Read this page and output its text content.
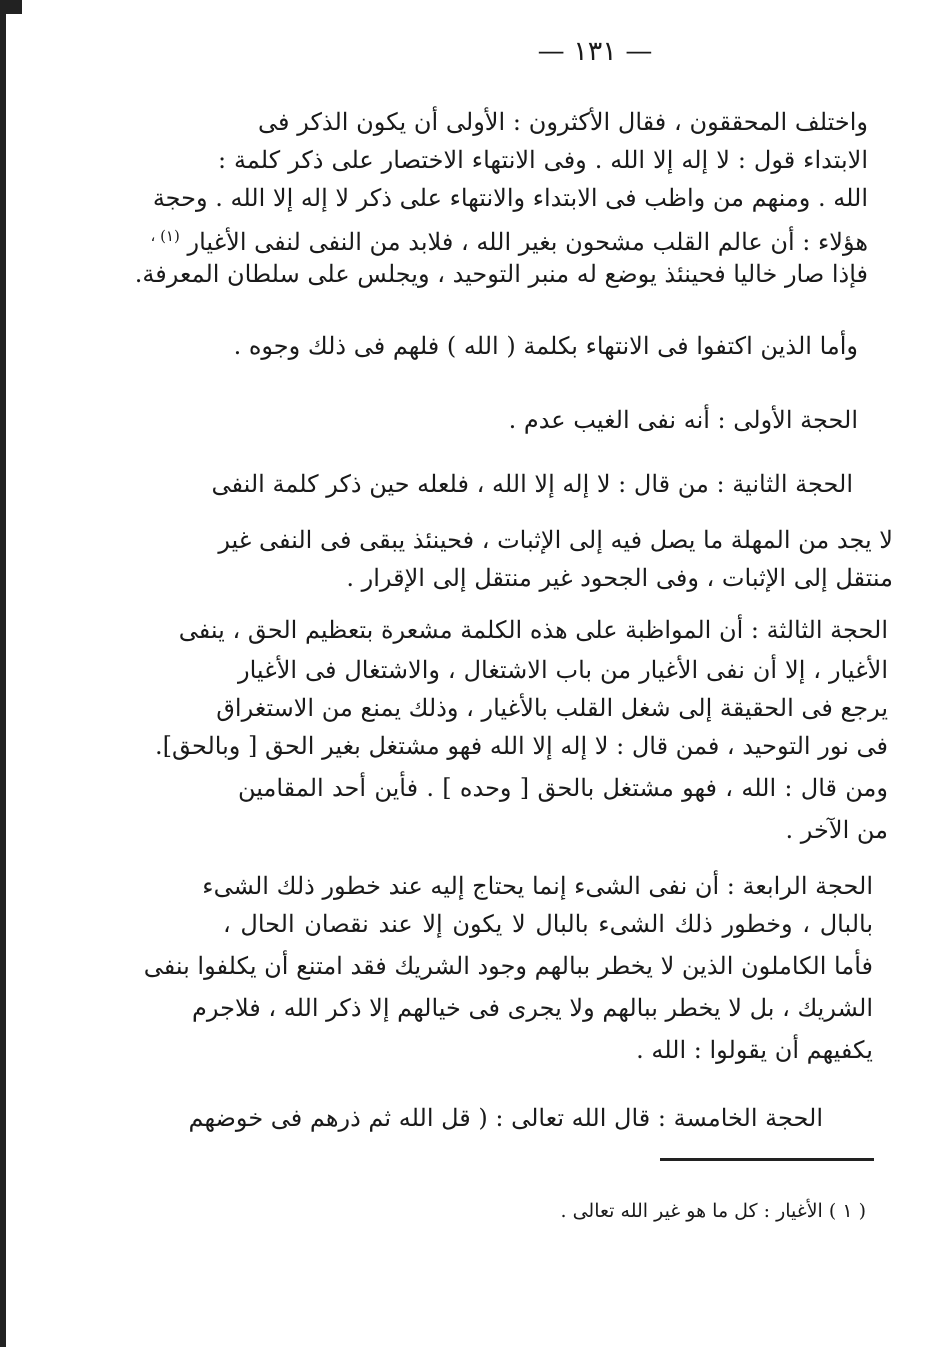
— ١٣١ —
واختلف المحققون ، فقال الأكثرون : الأولى أن يكون الذكر فى
الابتداء قول : لا إله إلا الله . وفى الانتهاء الاختصار على ذكر كلمة :
الله . ومنهم من واظب فى الابتداء والانتهاء على ذكر لا إله إلا الله . وحجة
هؤلاء : أن عالم القلب مشحون بغير الله ، فلابد من النفى لنفى الأغيار $^{(١) ،}$
فإذا صار خاليا فحينئذ يوضع له منبر التوحيد ، ويجلس على سلطان المعرفة.
وأما الذين اكتفوا فى الانتهاء بكلمة ( الله ) فلهم فى ذلك وجوه .
الحجة الأولى : أنه نفى الغيب عدم .
الحجة الثانية : من قال : لا إله إلا الله ، فلعله حين ذكر كلمة النفى
لا يجد من المهلة ما يصل فيه إلى الإثبات ، فحينئذ يبقى فى النفى غير
منتقل إلى الإثبات ، وفى الجحود غير منتقل إلى الإقرار .
الحجة الثالثة : أن المواظبة على هذه الكلمة مشعرة بتعظيم الحق ، ينفى
الأغيار ، إلا أن نفى الأغيار من باب الاشتغال ، والاشتغال فى الأغيار
يرجع فى الحقيقة إلى شغل القلب بالأغيار ، وذلك يمنع من الاستغراق
فى نور التوحيد ، فمن قال : لا إله إلا الله فهو مشتغل بغير الحق [ وبالحق].
ومن قال : الله ، فهو مشتغل بالحق [ وحده ] . فأين أحد المقامين
من الآخر .
الحجة الرابعة : أن نفى الشىء إنما يحتاج إليه عند خطور ذلك الشىء
بالبال ، وخطور ذلك الشىء بالبال لا يكون إلا عند نقصان الحال ،
فأما الكاملون الذين لا يخطر ببالهم وجود الشريك فقد امتنع أن يكلفوا بنفى
الشريك ، بل لا يخطر ببالهم ولا يجرى فى خيالهم إلا ذكر الله ، فلاجرم
يكفيهم أن يقولوا : الله .
الحجة الخامسة : قال الله تعالى : ( قل الله ثم ذرهم فى خوضهم
( ١ ) الأغيار : كل ما هو غير الله تعالى .
